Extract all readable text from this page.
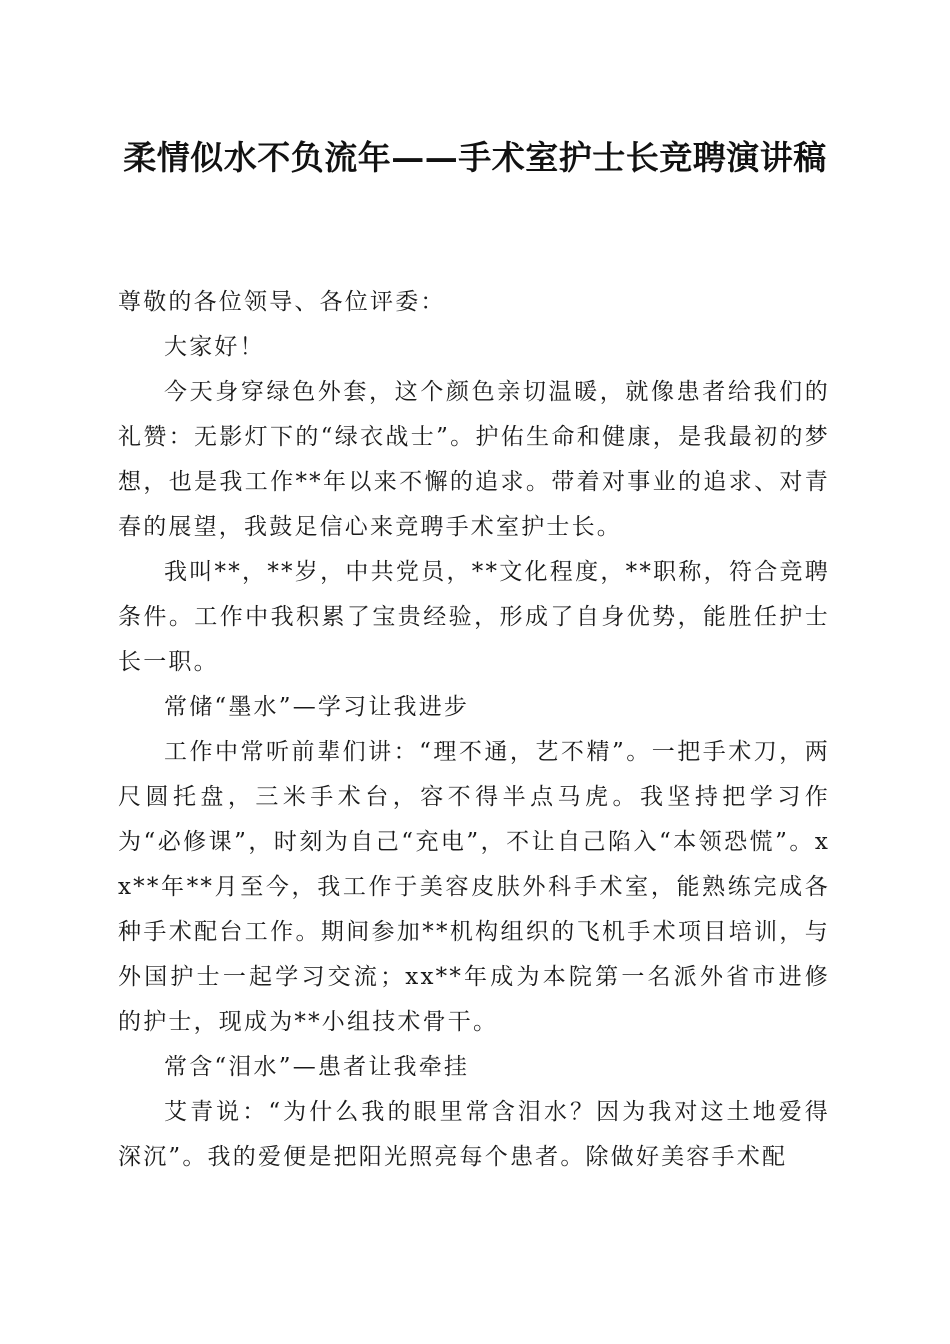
柔情似水不负流年——手术室护士长竞聘演讲稿

尊敬的各位领导、各位评委：

大家好！

今天身穿绿色外套，这个颜色亲切温暖，就像患者给我们的礼赞：无影灯下的“绿衣战士”。护佑生命和健康，是我最初的梦想，也是我工作**年以来不懈的追求。带着对事业的追求、对青春的展望，我鼓足信心来竞聘手术室护士长。

我叫**，**岁，中共党员，**文化程度，**职称，符合竞聘条件。工作中我积累了宝贵经验，形成了自身优势，能胜任护士长一职。

常储“墨水”—学习让我进步

工作中常听前辈们讲：“理不通，艺不精”。一把手术刀，两尺圆托盘，三米手术台，容不得半点马虎。我坚持把学习作为“必修课”，时刻为自己“充电”，不让自己陷入“本领恐慌”。xx**年**月至今，我工作于美容皮肤外科手术室，能熟练完成各种手术配台工作。期间参加**机构组织的飞机手术项目培训，与外国护士一起学习交流；xx**年成为本院第一名派外省市进修的护士，现成为**小组技术骨干。

常含“泪水”—患者让我牵挂

艾青说：“为什么我的眼里常含泪水？因为我对这土地爱得深沉”。我的爱便是把阳光照亮每个患者。除做好美容手术配
